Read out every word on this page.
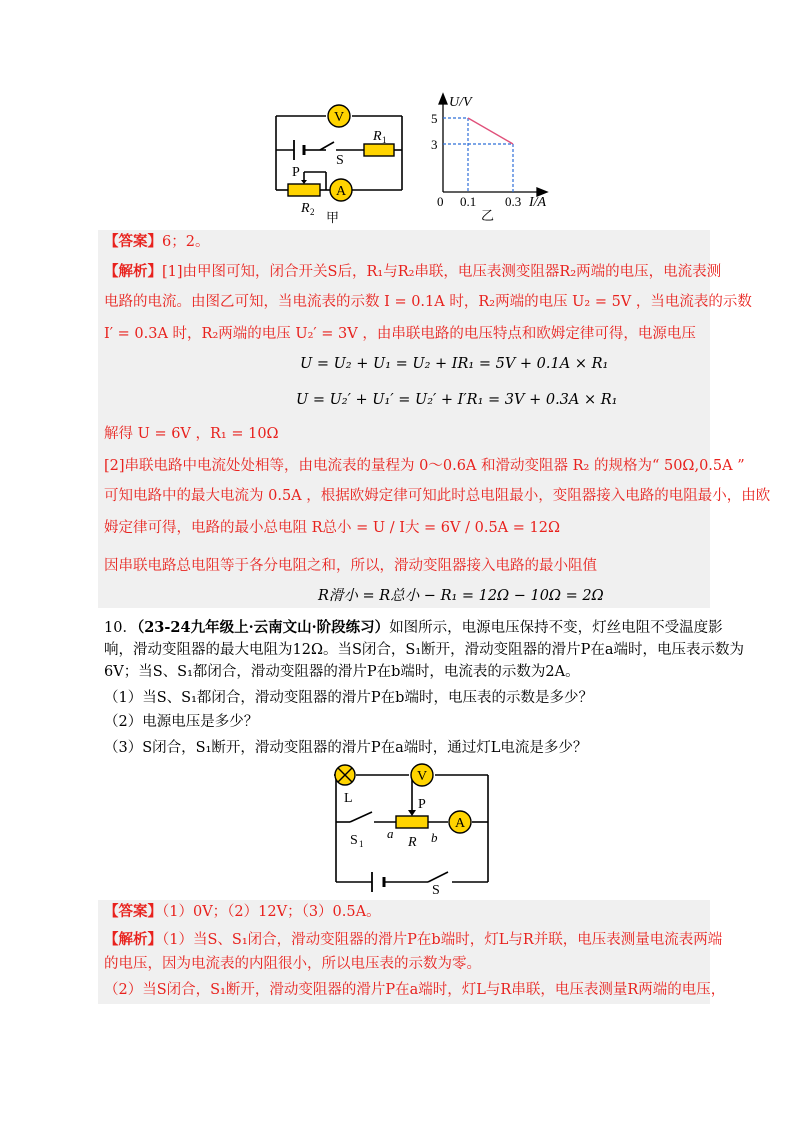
V
R 1
S
P
R 2
A
甲
U/V
5
3
0 0.1 0.3 I/A
乙
【答案】6；2。
【解析】[1]由甲图可知，闭合开关S后，R₁与R₂串联，电压表测变阻器R₂两端的电压，电流表测
电路的电流。由图乙可知，当电流表的示数 I = 0.1A 时，R₂两端的电压 U₂ = 5V ，当电流表的示数
I′ = 0.3A 时，R₂两端的电压 U₂′ = 3V ，由串联电路的电压特点和欧姆定律可得，电源电压
U = U₂ + U₁ = U₂ + IR₁ = 5V + 0.1A × R₁
U = U₂′ + U₁′ = U₂′ + I′R₁ = 3V + 0.3A × R₁
解得 U = 6V ，R₁ = 10Ω
[2]串联电路中电流处处相等，由电流表的量程为 0～0.6A 和滑动变阻器 R₂ 的规格为“ 50Ω,0.5A ”
可知电路中的最大电流为 0.5A ，根据欧姆定律可知此时总电阻最小，变阻器接入电路的电阻最小，由欧
姆定律可得，电路的最小总电阻 R总小 = U / I大 = 6V / 0.5A = 12Ω
因串联电路总电阻等于各分电阻之和，所以，滑动变阻器接入电路的最小阻值
R滑小 = R总小 − R₁ = 12Ω − 10Ω = 2Ω
10．（23-24九年级上·云南文山·阶段练习）如图所示，电源电压保持不变，灯丝电阻不受温度影
响，滑动变阻器的最大电阻为12Ω。当S闭合，S₁断开，滑动变阻器的滑片P在a端时，电压表示数为
6V；当S、S₁都闭合，滑动变阻器的滑片P在b端时，电流表的示数为2A。
（1）当S、S₁都闭合，滑动变阻器的滑片P在b端时，电压表的示数是多少？
（2）电源电压是多少？
（3）S闭合，S₁断开，滑动变阻器的滑片P在a端时，通过灯L电流是多少？
V
P
a	b
R
A
L
S 1
S
【答案】（1）0V；（2）12V；（3）0.5A。
【解析】（1）当S、S₁闭合，滑动变阻器的滑片P在b端时，灯L与R并联，电压表测量电流表两端
的电压，因为电流表的内阻很小，所以电压表的示数为零。
（2）当S闭合，S₁断开，滑动变阻器的滑片P在a端时，灯L与R串联，电压表测量R两端的电压，
